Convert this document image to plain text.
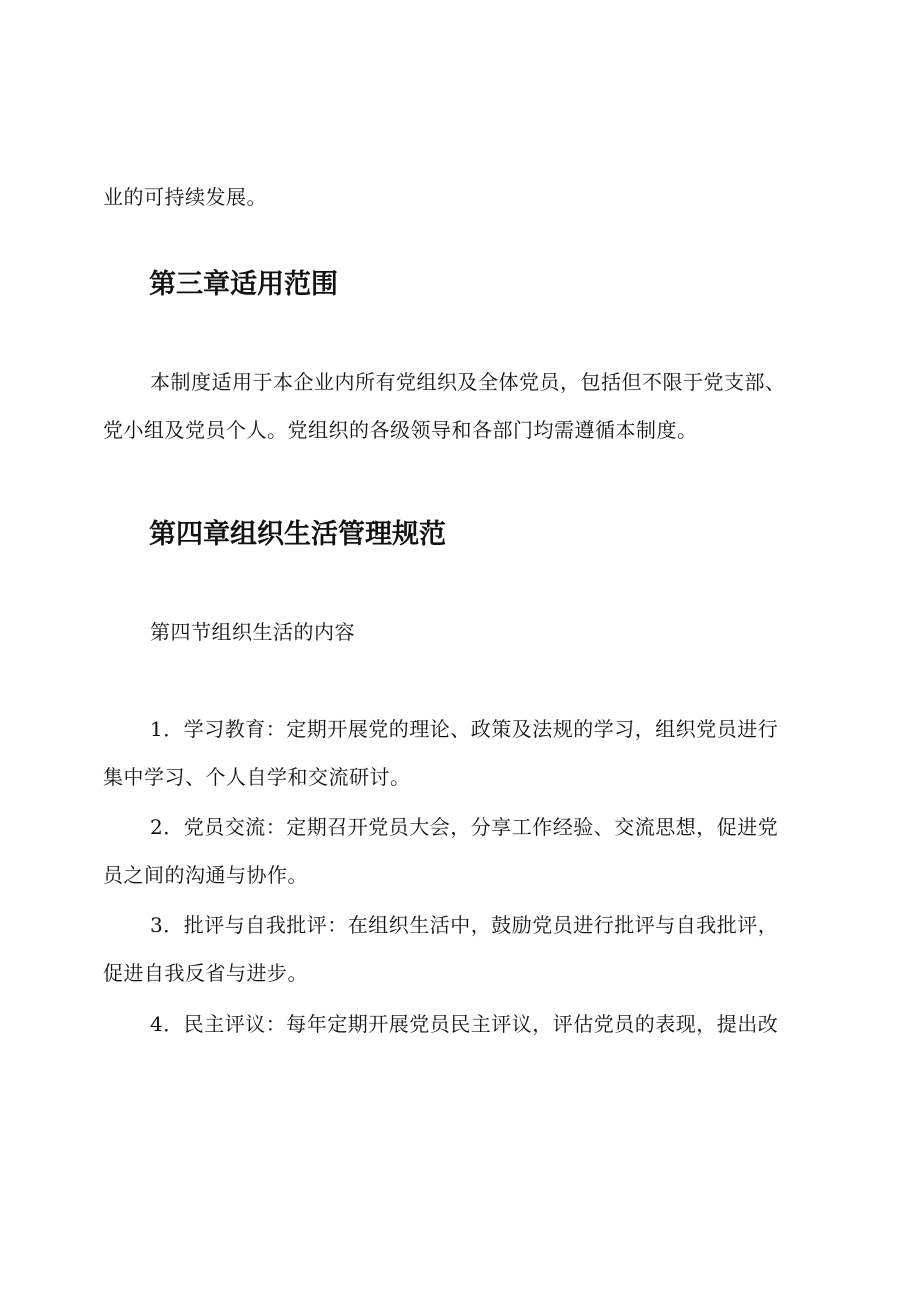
业的可持续发展。
第三章适用范围
本制度适用于本企业内所有党组织及全体党员，包括但不限于党支部、
党小组及党员个人。党组织的各级领导和各部门均需遵循本制度。
第四章组织生活管理规范
第四节组织生活的内容
1．学习教育：定期开展党的理论、政策及法规的学习，组织党员进行
集中学习、个人自学和交流研讨。
2．党员交流：定期召开党员大会，分享工作经验、交流思想，促进党
员之间的沟通与协作。
3．批评与自我批评：在组织生活中，鼓励党员进行批评与自我批评，
促进自我反省与进步。
4．民主评议：每年定期开展党员民主评议，评估党员的表现，提出改
